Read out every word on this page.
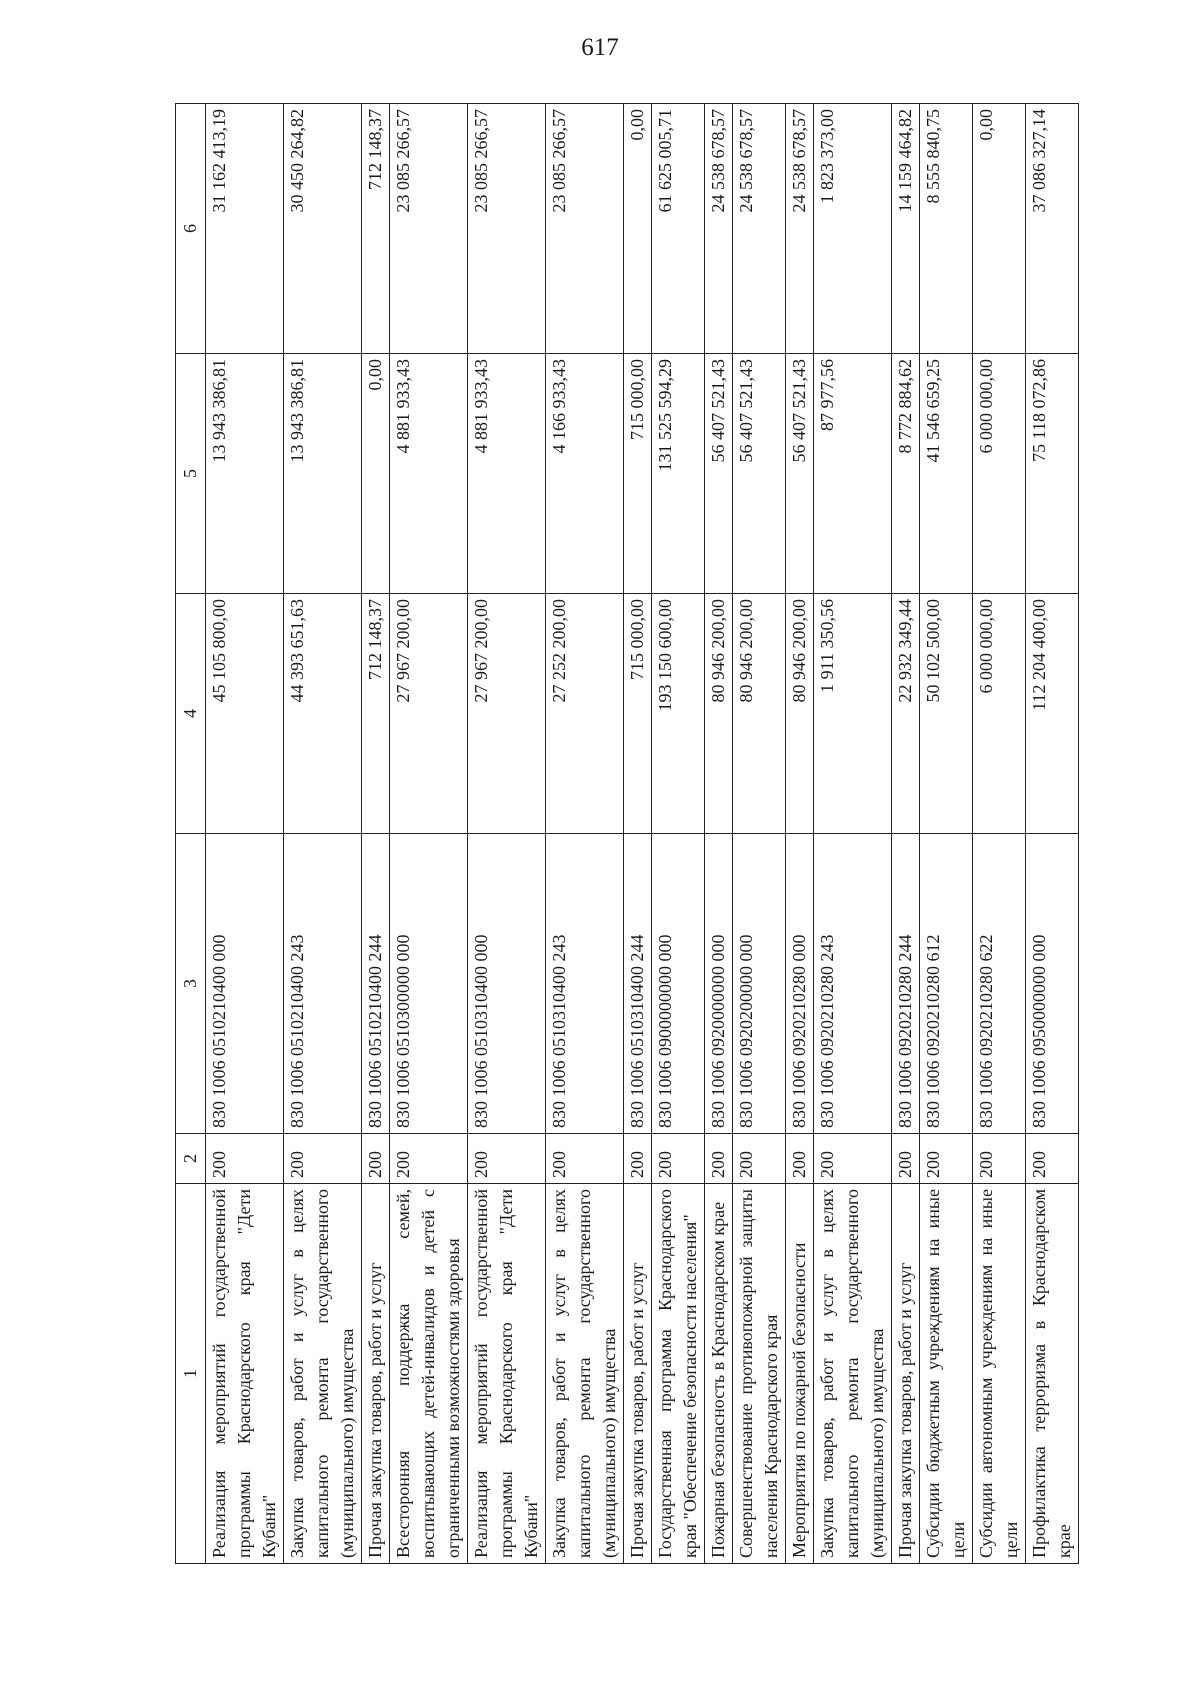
617
1	2	3	4	5	6
Реализация мероприятий государственной программы Краснодарского края "Дети Кубани"	200	830 1006 0510210400 000	45 105 800,00	13 943 386,81	31 162 413,19
Закупка товаров, работ и услуг в целях капитального ремонта государственного (муниципального) имущества	200	830 1006 0510210400 243	44 393 651,63	13 943 386,81	30 450 264,82
Прочая закупка товаров, работ и услуг	200	830 1006 0510210400 244	712 148,37	0,00	712 148,37
Всесторонняя поддержка семей, воспитывающих детей-инвалидов и детей с ограниченными возможностями здоровья	200	830 1006 0510300000 000	27 967 200,00	4 881 933,43	23 085 266,57
Реализация мероприятий государственной программы Краснодарского края "Дети Кубани"	200	830 1006 0510310400 000	27 967 200,00	4 881 933,43	23 085 266,57
Закупка товаров, работ и услуг в целях капитального ремонта государственного (муниципального) имущества	200	830 1006 0510310400 243	27 252 200,00	4 166 933,43	23 085 266,57
Прочая закупка товаров, работ и услуг	200	830 1006 0510310400 244	715 000,00	715 000,00	0,00
Государственная программа Краснодарского края "Обеспечение безопасности населения"	200	830 1006 0900000000 000	193 150 600,00	131 525 594,29	61 625 005,71
Пожарная безопасность в Краснодарском крае	200	830 1006 0920000000 000	80 946 200,00	56 407 521,43	24 538 678,57
Совершенствование противопожарной защиты населения Краснодарского края	200	830 1006 0920200000 000	80 946 200,00	56 407 521,43	24 538 678,57
Мероприятия по пожарной безопасности	200	830 1006 0920210280 000	80 946 200,00	56 407 521,43	24 538 678,57
Закупка товаров, работ и услуг в целях капитального ремонта государственного (муниципального) имущества	200	830 1006 0920210280 243	1 911 350,56	87 977,56	1 823 373,00
Прочая закупка товаров, работ и услуг	200	830 1006 0920210280 244	22 932 349,44	8 772 884,62	14 159 464,82
Субсидии бюджетным учреждениям на иные цели	200	830 1006 0920210280 612	50 102 500,00	41 546 659,25	8 555 840,75
Субсидии автономным учреждениям на иные цели	200	830 1006 0920210280 622	6 000 000,00	6 000 000,00	0,00
Профилактика терроризма в Краснодарском крае	200	830 1006 0950000000 000	112 204 400,00	75 118 072,86	37 086 327,14
